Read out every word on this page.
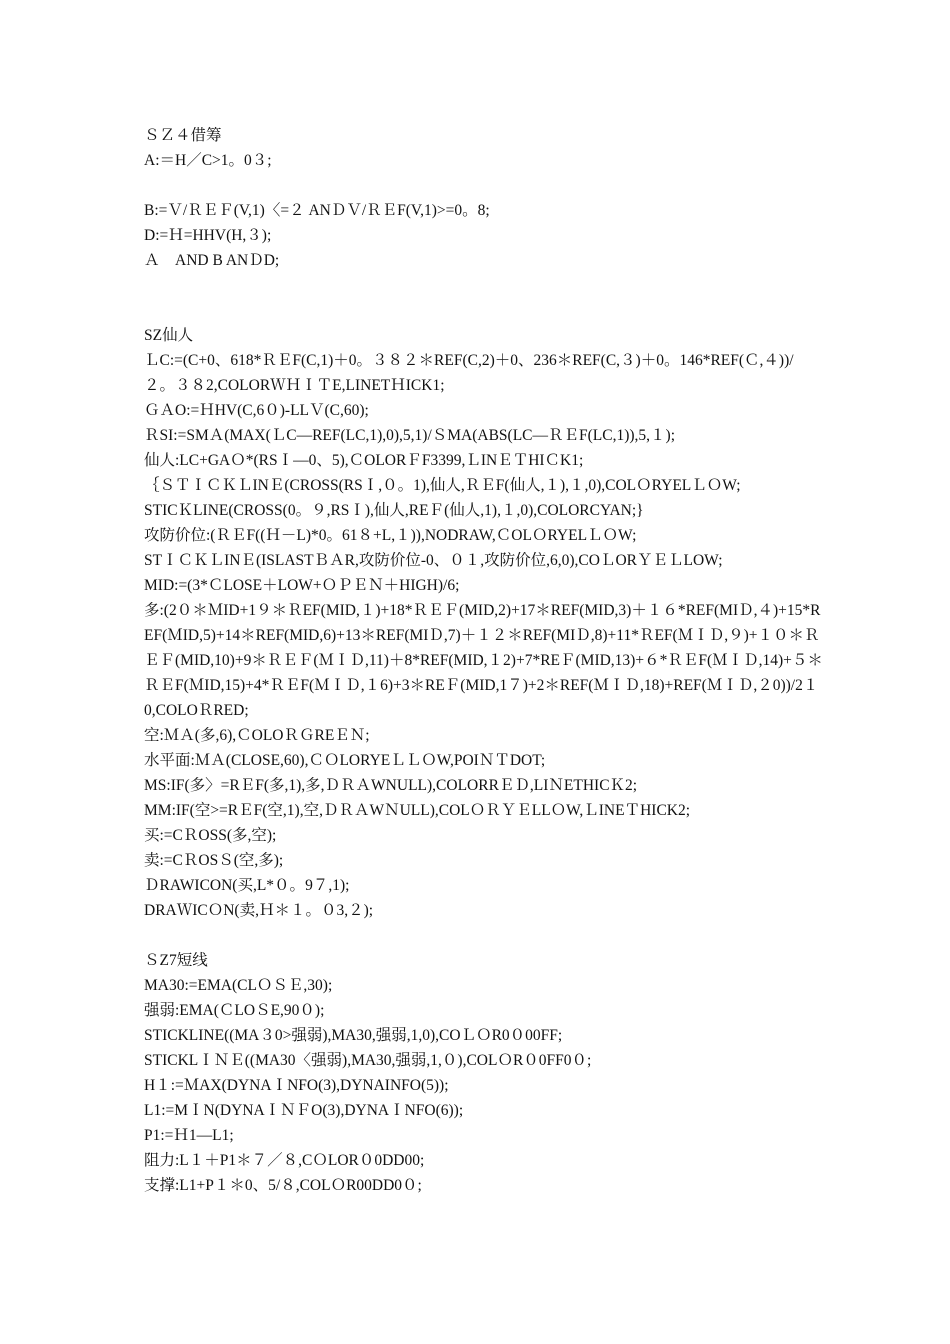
ＳＺ４借筹
A:＝H／C>1。0３;
B:=Ｖ/ＲＥＦ(V,1)〈=２ ANＤＶ/ＲＥF(V,1)>=0。8;
D:=Ｈ=HHV(H,３);
Ａ　AND B ANＤD;
SZ仙人
ＬC:=(C+0、618*ＲＥF(C,1)＋0。３８２＊REF(C,2)＋0、236＊REF(C,３)＋0。146*REF(Ｃ,４))/２。３８2,COLORＷＨＩＴE,LINETＨICK1;
ＧＡO:=ＨHV(C,6０)-LLＶ(C,60);
ＲSI:=SMＡ(MAX(ＬC—REF(LC,1),0),5,1)/ＳMA(ABS(LC—ＲＥF(LC,1)),5,１);
仙人:LC+GAＯ*(RSＩ—0、5),ＣOLORＦF3399,ＬINＥＴHIＣK1;
｛ＳＴＩＣＫＬINＥ(CROSS(RSＩ,０。1),仙人,ＲＥF(仙人,１),１,0),COLＯRYELＬＯW;
STICＫLINE(CROSS(0。９,RSＩ),仙人,REＦ(仙人,1),１,0),COLORCYAN;}
攻防价位:(ＲＥF((Ｈ－L)*0。61８+L,１)),NODRAW,ＣOLＯRYELＬＯW;
STＩＣＫＬINＥ(ISLASTＢＡR,攻防价位-0、０１,攻防价位,6,0),COＬORＹＥＬLOW;
MID:=(3*ＣLOSE＋LOW+ＯＰＥＮ＋HIGH)/6;
多:(2０＊ＭID+1９＊ＲEF(MID,１)+18*ＲＥＦ(MID,2)+17＊REF(MID,3)＋１６*REF(MIＤ,４)+15*REF(ＭID,5)+14＊REF(MID,6)+13＊REF(MIＤ,7)＋１２＊REF(MIＤ,8)+11*ＲEF(ＭＩＤ,９)+１０＊ＲＥＦ(MID,10)+9＊ＲＥＦ(ＭＩＤ,11)＋8*REF(MID,１2)+7*REＦ(MID,13)+６*ＲＥF(ＭＩＤ,14)+５＊ＲＥF(ＭID,15)+4*ＲＥF(ＭＩＤ,１6)+3＊REＦ(MID,1７)+2＊REF(ＭＩＤ,18)+REF(ＭＩＤ,２0))/2１0,COLOＲRED;
空:ＭＡ(多,6),ＣOLOＲＧREＥＮ;
水平面:ＭＡ(CLOSE,60),ＣＯLORYEＬＬＯW,POIＮＴDOT;
MS:IF(多〉=RＥF(多,1),多,ＤＲＡWNULL),COLORRＥＤ,LIＮETHICＫ2;
MM:IF(空>=RＥF(空,1),空,ＤＲＡWＮULL),COLＯＲＹＥLLＯW,ＬINEＴHICK2;
买:=CＲOSS(多,空);
卖:=CＲOSＳ(空,多);
ＤRAWICON(买,L*０。9７,1);
DRAＷICＯN(卖,Ｈ＊１。０3,２);
ＳZ7短线
MA30:=EMA(CLＯＳＥ,30);
强弱:EMA(ＣLOＳE,90０);
STICKLINE((MA３0>强弱),MA30,强弱,1,0),COＬＯR0０00FF;
STICKLＩＮＥ((MA30〈强弱),MA30,强弱,1,０),COLＯR０0FF0０;
H１:=ＭAX(DYNAＩNFO(3),DYNAINFO(5));
L1:=MＩN(DYNAＩＮＦO(3),DYNAＩNFO(6));
P1:=Ｈ1—L1;
阻力:L１＋P1＊７／８,CＯLOR０0DD00;
支撑:L1+P１＊0、5/８,COLＯR00DD0０;
